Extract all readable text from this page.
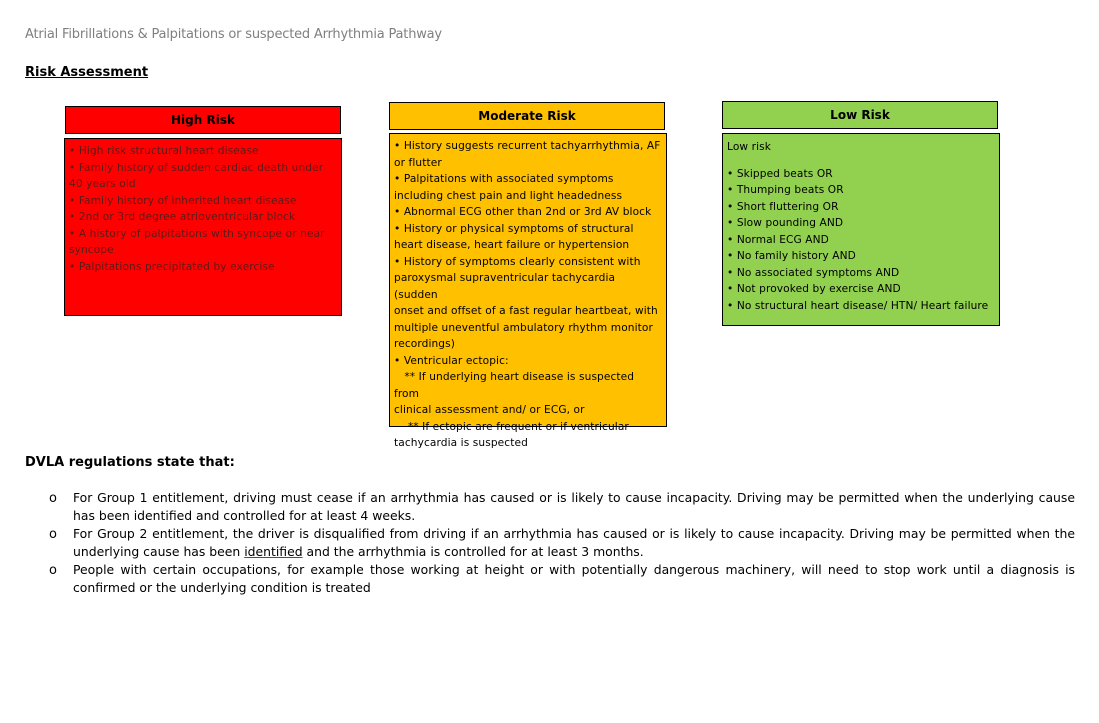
Atrial Fibrillations & Palpitations or suspected Arrhythmia Pathway
Risk Assessment
High Risk
• High risk structural heart disease
• Family history of sudden cardiac death under
40 years old
• Family history of inherited heart disease
• 2nd or 3rd degree atrioventricular block
• A history of palpitations with syncope or near
syncope
• Palpitations precipitated by exercise
Moderate Risk
• History suggests recurrent tachyarrhythmia, AF
or flutter
• Palpitations with associated symptoms
including chest pain and light headedness
• Abnormal ECG other than 2nd or 3rd AV block
• History or physical symptoms of structural
heart disease, heart failure or hypertension
• History of symptoms clearly consistent with
paroxysmal supraventricular tachycardia (sudden
onset and offset of a fast regular heartbeat, with
multiple uneventful ambulatory rhythm monitor
recordings)
• Ventricular ectopic:
** If underlying heart disease is suspected from
clinical assessment and/ or ECG, or
** If ectopic are frequent or if ventricular
tachycardia is suspected
Low Risk
Low risk
• Skipped beats OR
• Thumping beats OR
• Short fluttering OR
• Slow pounding AND
• Normal ECG AND
• No family history AND
• No associated symptoms AND
• Not provoked by exercise AND
• No structural heart disease/ HTN/ Heart failure
DVLA regulations state that:
o For Group 1 entitlement, driving must cease if an arrhythmia has caused or is likely to cause incapacity. Driving may be permitted when the underlying cause has been identified and controlled for at least 4 weeks.
o For Group 2 entitlement, the driver is disqualified from driving if an arrhythmia has caused or is likely to cause incapacity. Driving may be permitted when the underlying cause has been identified and the arrhythmia is controlled for at least 3 months.
o People with certain occupations, for example those working at height or with potentially dangerous machinery, will need to stop work until a diagnosis is confirmed or the underlying condition is treated
